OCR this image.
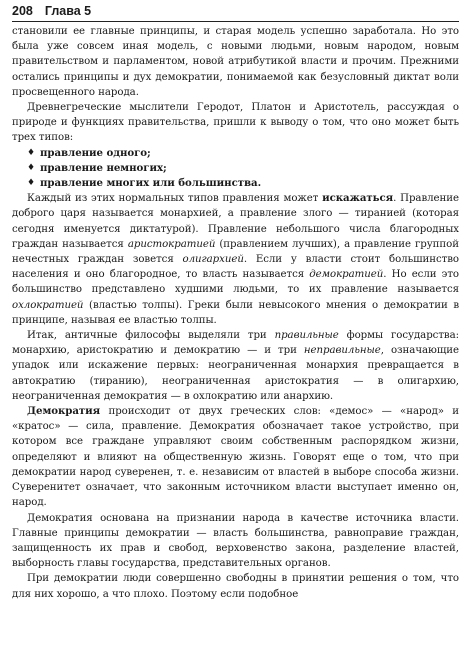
208 Глава 5

становили ее главные принципы, и старая модель успешно заработала. Но это была уже совсем иная модель, с новыми людьми, новым народом, новым правительством и парламентом, новой атрибутикой власти и прочим. Прежними остались принципы и дух демократии, понимаемой как безусловный диктат воли просвещенного народа.

Древнегреческие мыслители Геродот, Платон и Аристотель, рассуждая о природе и функциях правительства, пришли к выводу о том, что оно может быть трех типов:

♦ правление одного;
♦ правление немногих;
♦ правление многих или большинства.

Каждый из этих нормальных типов правления может искажаться. Правление доброго царя называется монархией, а правление злого — тиранией (которая сегодня именуется диктатурой). Правление небольшого числа благородных граждан называется аристократией (правлением лучших), а правление группой нечестных граждан зовется олигархией. Если у власти стоит большинство населения и оно благородное, то власть называется демократией. Но если это большинство представлено худшими людьми, то их правление называется охлократией (властью толпы). Греки были невысокого мнения о демократии в принципе, называя ее властью толпы.

Итак, античные философы выделяли три правильные формы государства: монархию, аристократию и демократию — и три неправильные, означающие упадок или искажение первых: неограниченная монархия превращается в автократию (тиранию), неограниченная аристократия — в олигархию, неограниченная демократия — в охлократию или анархию.

Демократия происходит от двух греческих слов: «демос» — «народ» и «кратос» — сила, правление. Демократия обозначает такое устройство, при котором все граждане управляют своим собственным распорядком жизни, определяют и влияют на общественную жизнь. Говорят еще о том, что при демократии народ суверенен, т. е. независим от властей в выборе способа жизни. Суверенитет означает, что законным источником власти выступает именно он, народ.

Демократия основана на признании народа в качестве источника власти. Главные принципы демократии — власть большинства, равноправие граждан, защищенность их прав и свобод, верховенство закона, разделение властей, выборность главы государства, представительных органов.

При демократии люди совершенно свободны в принятии решения о том, что для них хорошо, а что плохо. Поэтому если подобное
